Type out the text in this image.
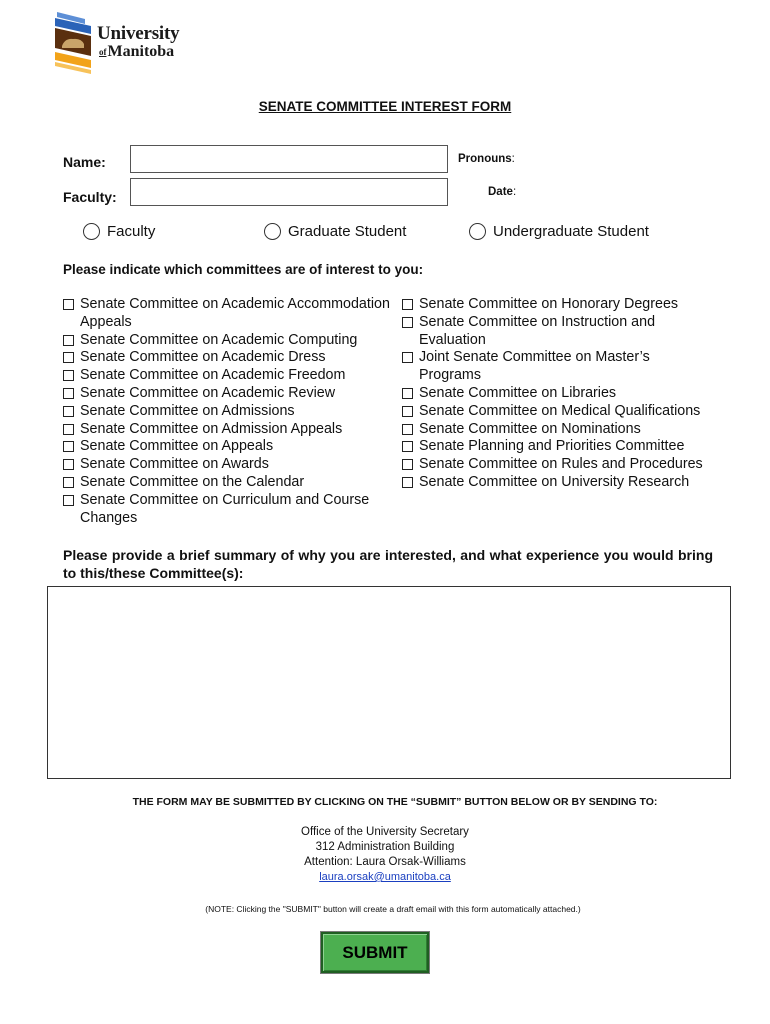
University
ofManitoba
SENATE COMMITTEE INTEREST FORM
Name:	Pronouns:
Faculty:	Date:
Faculty	Graduate Student	Undergraduate Student
Please indicate which committees are of interest to you:
Senate Committee on Academic Accommodation Appeals
Senate Committee on Academic Computing
Senate Committee on Academic Dress
Senate Committee on Academic Freedom
Senate Committee on Academic Review
Senate Committee on Admissions
Senate Committee on Admission Appeals
Senate Committee on Appeals
Senate Committee on Awards
Senate Committee on the Calendar
Senate Committee on Curriculum and Course Changes
Senate Committee on Honorary Degrees
Senate Committee on Instruction and Evaluation
Joint Senate Committee on Master’s Programs
Senate Committee on Libraries
Senate Committee on Medical Qualifications
Senate Committee on Nominations
Senate Planning and Priorities Committee
Senate Committee on Rules and Procedures
Senate Committee on University Research
Please provide a brief summary of why you are interested, and what experience you would bring to this/these Committee(s):
THE FORM MAY BE SUBMITTED BY CLICKING ON THE “SUBMIT” BUTTON BELOW OR BY SENDING TO:
Office of the University Secretary
312 Administration Building
Attention: Laura Orsak-Williams
laura.orsak@umanitoba.ca
(NOTE: Clicking the "SUBMIT" button will create a draft email with this form automatically attached.)
SUBMIT
